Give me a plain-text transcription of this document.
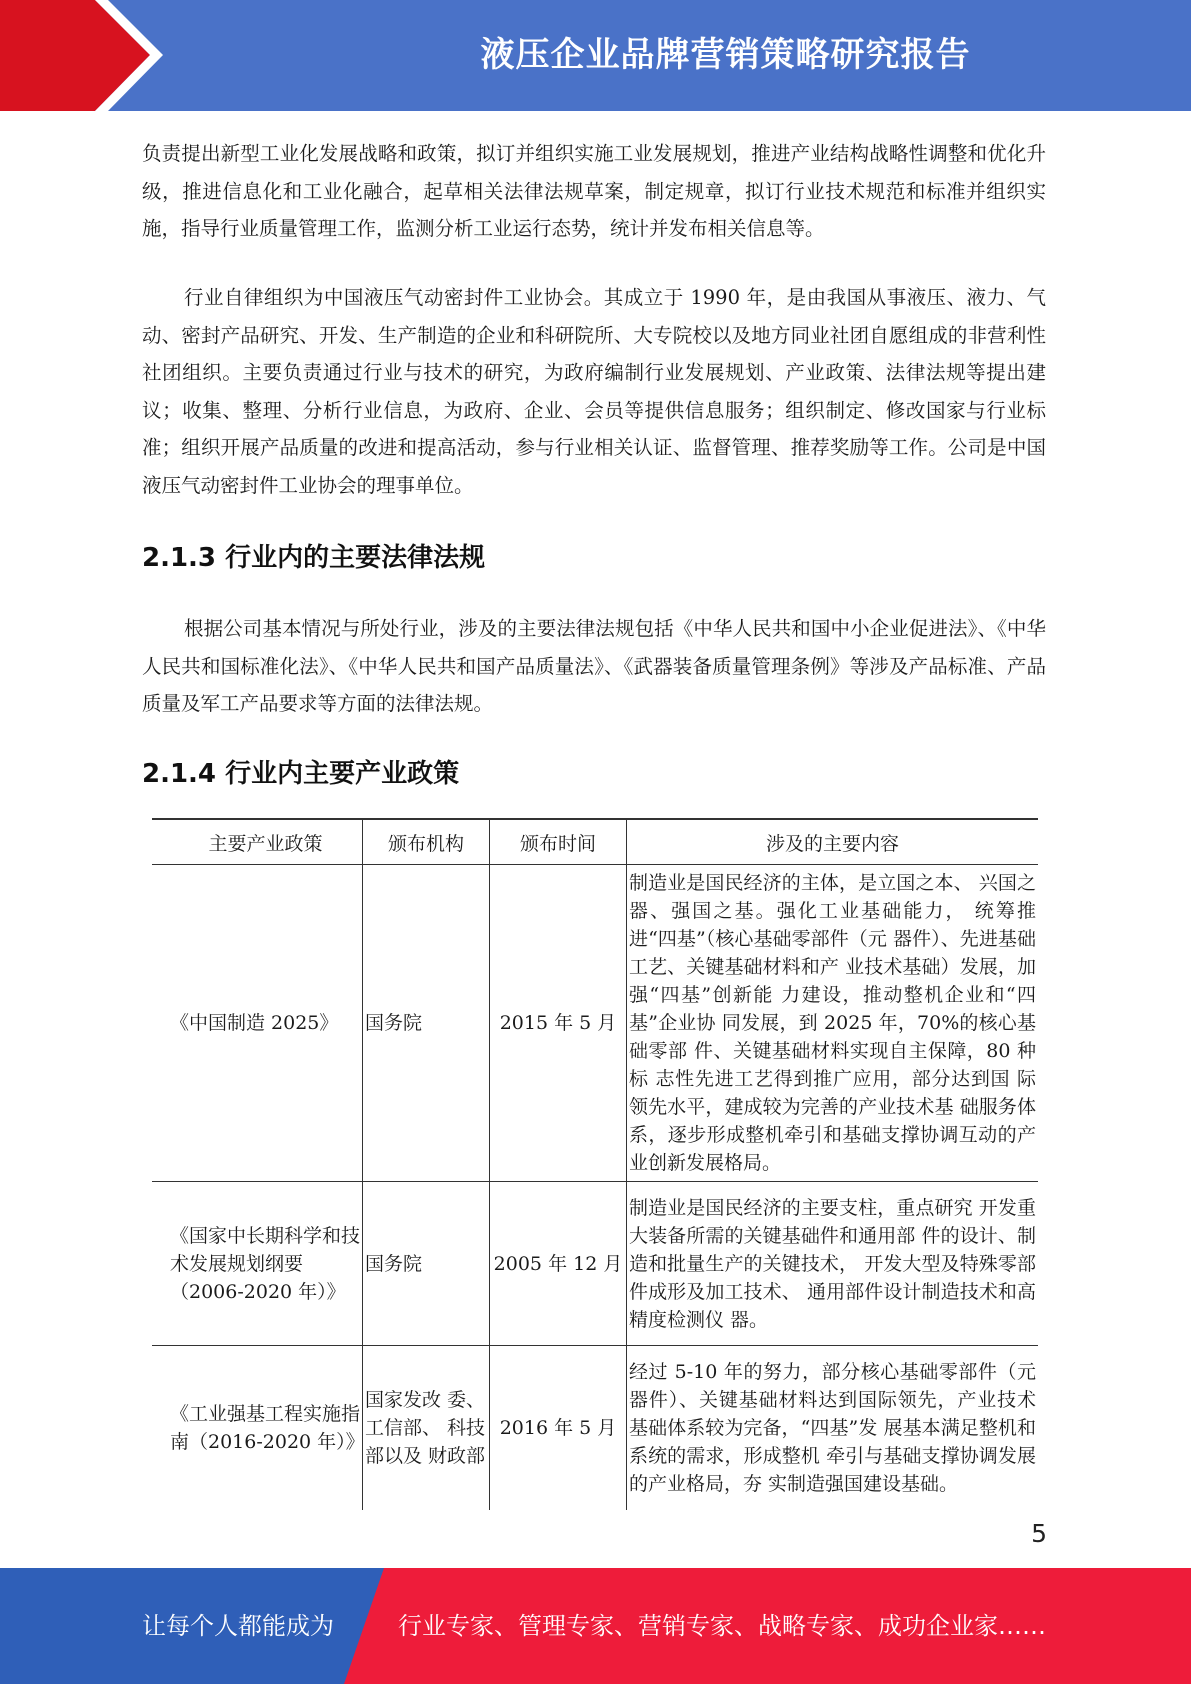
液压企业品牌营销策略研究报告

负责提出新型工业化发展战略和政策，拟订并组织实施工业发展规划，推进产业结构战略性调整和优化升级，推进信息化和工业化融合，起草相关法律法规草案，制定规章，拟订行业技术规范和标准并组织实施，指导行业质量管理工作，监测分析工业运行态势，统计并发布相关信息等。

行业自律组织为中国液压气动密封件工业协会。其成立于 1990 年，是由我国从事液压、液力、气动、密封产品研究、开发、生产制造的企业和科研院所、大专院校以及地方同业社团自愿组成的非营利性社团组织。主要负责通过行业与技术的研究，为政府编制行业发展规划、产业政策、法律法规等提出建议；收集、整理、分析行业信息，为政府、企业、会员等提供信息服务；组织制定、修改国家与行业标准；组织开展产品质量的改进和提高活动，参与行业相关认证、监督管理、推荐奖励等工作。公司是中国液压气动密封件工业协会的理事单位。

2.1.3 行业内的主要法律法规

根据公司基本情况与所处行业，涉及的主要法律法规包括《中华人民共和国中小企业促进法》、《中华人民共和国标准化法》、《中华人民共和国产品质量法》、《武器装备质量管理条例》等涉及产品标准、产品质量及军工产品要求等方面的法律法规。

2.1.4 行业内主要产业政策
主要产业政策	颁布机构	颁布时间	涉及的主要内容
《中国制造 2025》	国务院	2015 年 5 月	制造业是国民经济的主体，是立国之本、 兴国之器、强国之基。强化工业基础能力， 统筹推进“四基”（核心基础零部件（元 器件）、先进基础工艺、关键基础材料和产 业技术基础）发展，加强“四基”创新能 力建设，推动整机企业和“四基”企业协 同发展，到 2025 年，70%的核心基础零部 件、关键基础材料实现自主保障，80 种标 志性先进工艺得到推广应用，部分达到国 际领先水平，建成较为完善的产业技术基 础服务体系，逐步形成整机牵引和基础支撑协调互动的产业创新发展格局。
《国家中长期科学和技术发展规划纲要（2006-2020 年）》	国务院	2005 年 12 月	制造业是国民经济的主要支柱，重点研究 开发重大装备所需的关键基础件和通用部 件的设计、制造和批量生产的关键技术， 开发大型及特殊零部件成形及加工技术、 通用部件设计制造技术和高精度检测仪 器。
《工业强基工程实施指南（2016-2020 年）》	国家发改 委、工信部、 科技部以及 财政部	2016 年 5 月	经过 5-10 年的努力，部分核心基础零部件（元器件）、关键基础材料达到国际领先，产业技术基础体系较为完备，“四基”发 展基本满足整机和系统的需求，形成整机 牵引与基础支撑协调发展的产业格局，夯 实制造强国建设基础。
5
让每个人都能成为	行业专家、管理专家、营销专家、战略专家、成功企业家……
